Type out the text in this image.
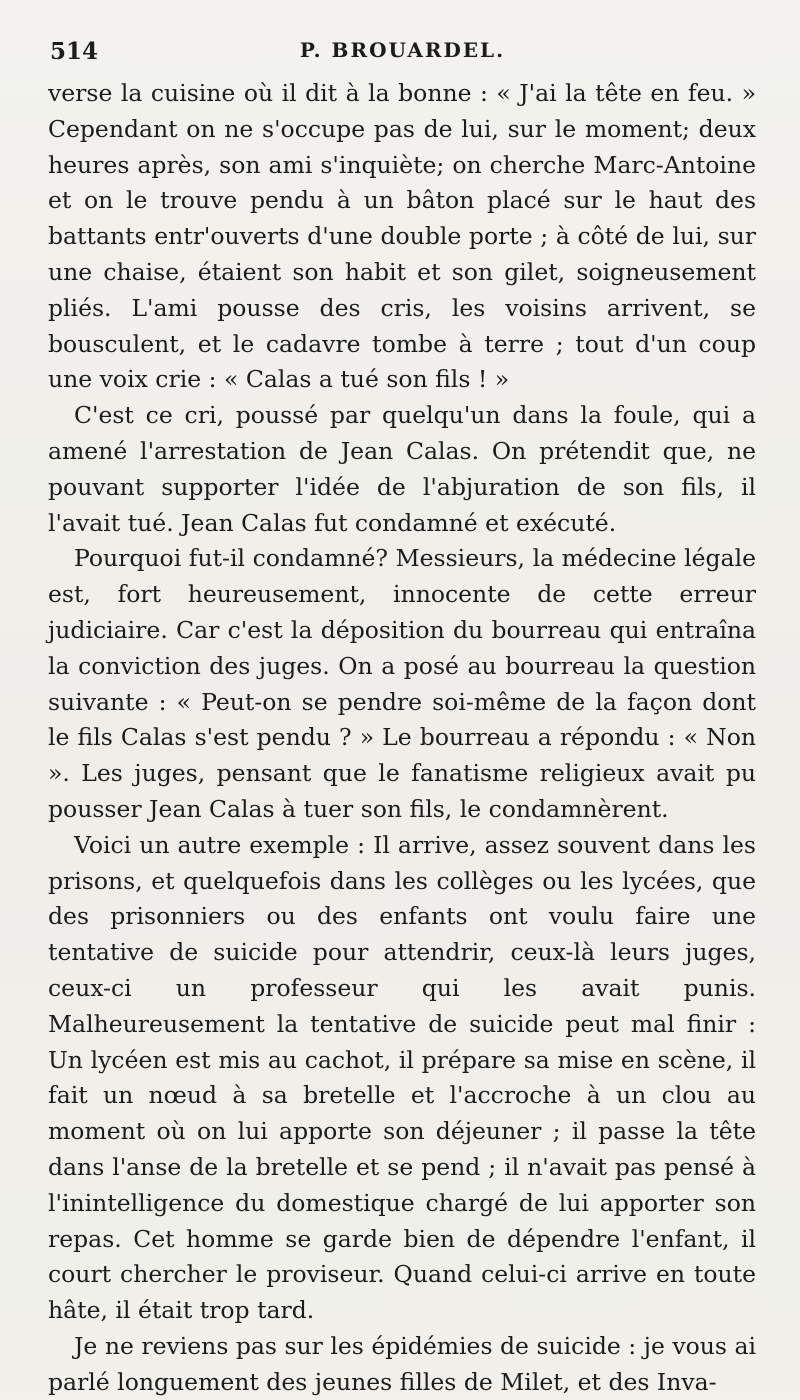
514	P. BROUARDEL.

verse la cuisine où il dit à la bonne : « J'ai la tête en feu. » Cependant on ne s'occupe pas de lui, sur le moment; deux heures après, son ami s'inquiète; on cherche Marc-Antoine et on le trouve pendu à un bâton placé sur le haut des battants entr'ouverts d'une double porte ; à côté de lui, sur une chaise, étaient son habit et son gilet, soigneusement pliés. L'ami pousse des cris, les voisins arrivent, se bousculent, et le cadavre tombe à terre ; tout d'un coup une voix crie : « Calas a tué son fils ! »

C'est ce cri, poussé par quelqu'un dans la foule, qui a amené l'arrestation de Jean Calas. On prétendit que, ne pouvant supporter l'idée de l'abjuration de son fils, il l'avait tué. Jean Calas fut condamné et exécuté.

Pourquoi fut-il condamné? Messieurs, la médecine légale est, fort heureusement, innocente de cette erreur judiciaire. Car c'est la déposition du bourreau qui entraîna la conviction des juges. On a posé au bourreau la question suivante : « Peut-on se pendre soi-même de la façon dont le fils Calas s'est pendu ? » Le bourreau a répondu : « Non ». Les juges, pensant que le fanatisme religieux avait pu pousser Jean Calas à tuer son fils, le condamnèrent.

Voici un autre exemple : Il arrive, assez souvent dans les prisons, et quelquefois dans les collèges ou les lycées, que des prisonniers ou des enfants ont voulu faire une tentative de suicide pour attendrir, ceux-là leurs juges, ceux-ci un professeur qui les avait punis. Malheureusement la tentative de suicide peut mal finir : Un lycéen est mis au cachot, il prépare sa mise en scène, il fait un nœud à sa bretelle et l'accroche à un clou au moment où on lui apporte son déjeuner ; il passe la tête dans l'anse de la bretelle et se pend ; il n'avait pas pensé à l'inintelligence du domestique chargé de lui apporter son repas. Cet homme se garde bien de dépendre l'enfant, il court chercher le proviseur. Quand celui-ci arrive en toute hâte, il était trop tard.

Je ne reviens pas sur les épidémies de suicide : je vous ai parlé longuement des jeunes filles de Milet, et des Inva-
